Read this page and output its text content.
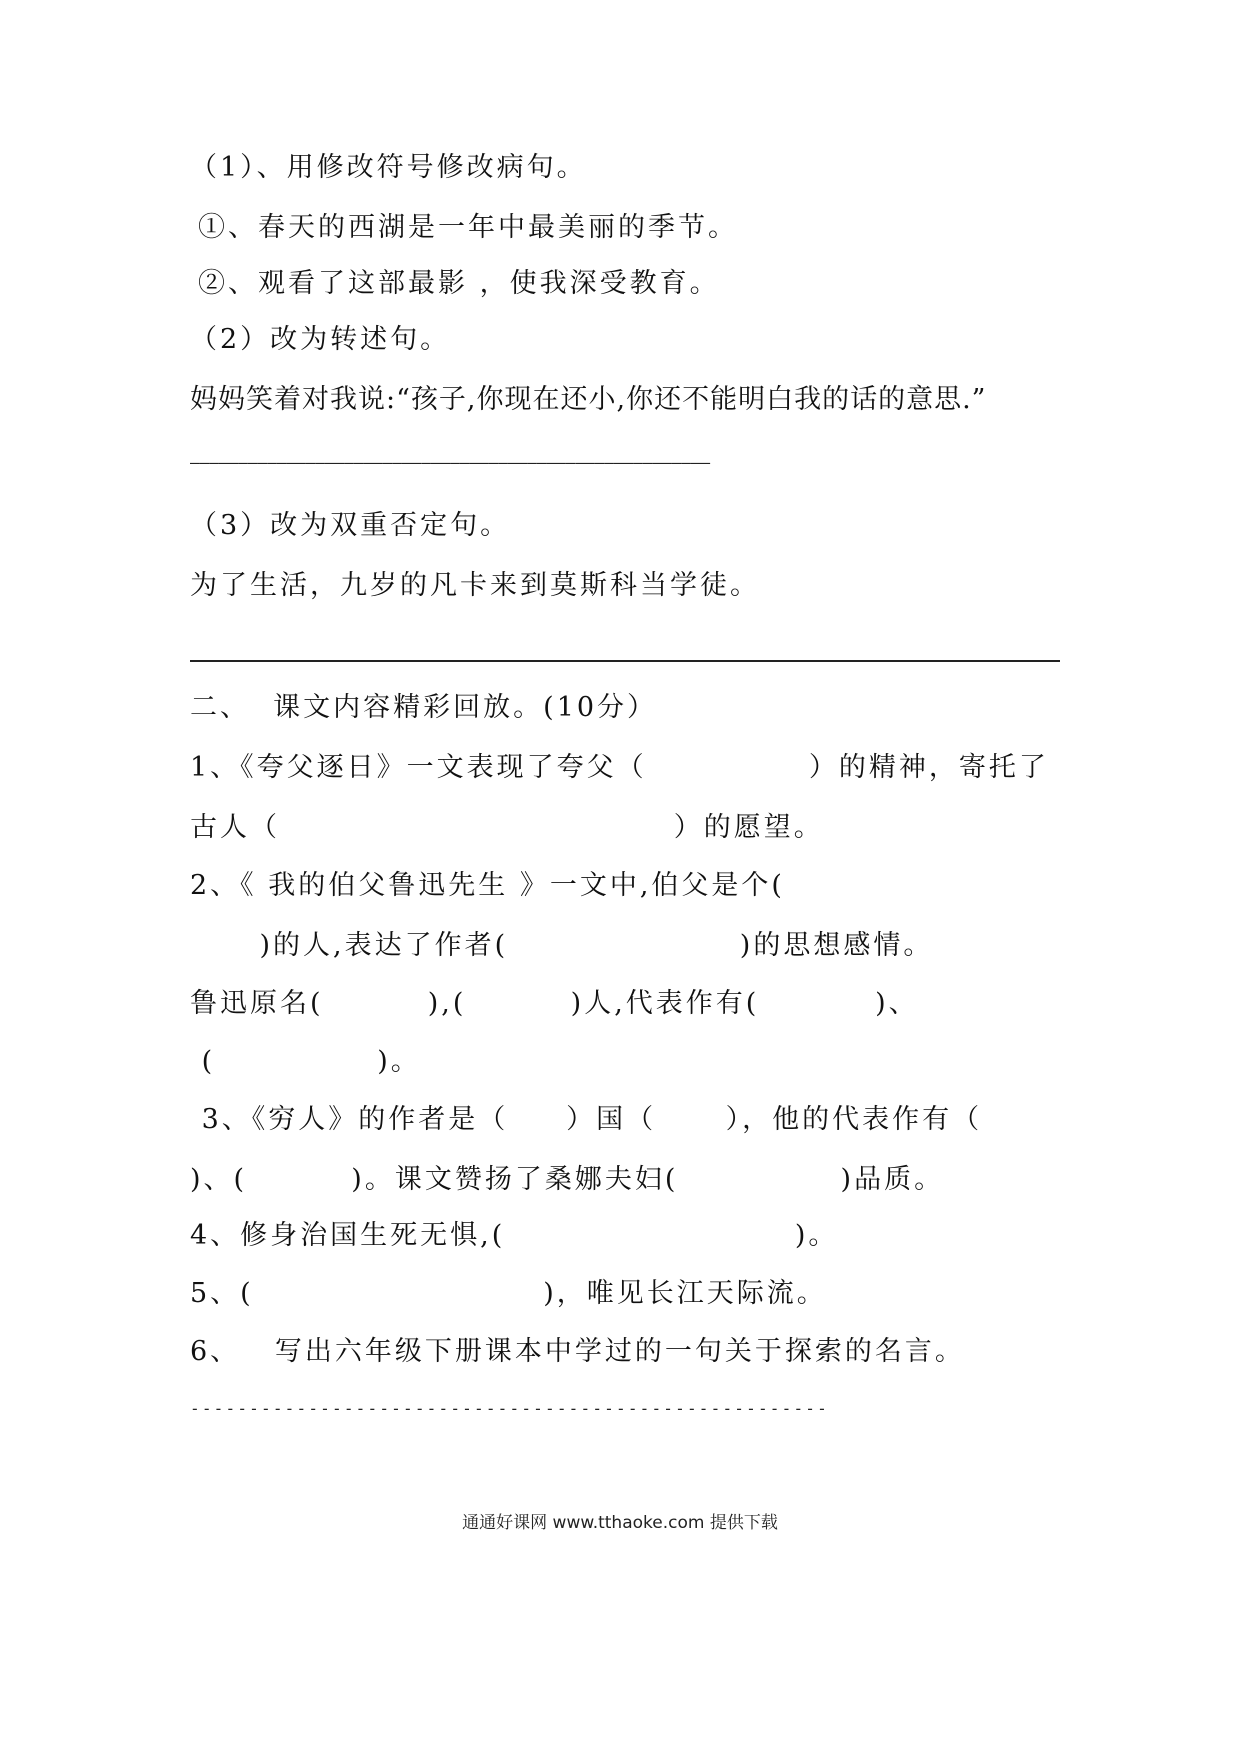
（1）、用修改符号修改病句。
①、春天的西湖是一年中最美丽的季节。
②、观看了这部最影 ，使我深受教育。
（2）改为转述句。
妈妈笑着对我说:“孩子,你现在还小,你还不能明白我的话的意思.”
——————————————————————————————————————————————————————
（3）改为双重否定句。
为了生活，九岁的凡卡来到莫斯科当学徒。
二、  课文内容精彩回放。(10分）
1、《夸父逐日》一文表现了夸父（              ）的精神，寄托了
古人（                                  ）的愿望。
2、《 我的伯父鲁迅先生 》一文中,伯父是个(
)的人,表达了作者(                    )的思想感情。
鲁迅原名(         ),(         )人,代表作有(          )、
(              )。
3、《穷人》的作者是（     ）国（      ），他的代表作有（
)、(         )。课文赞扬了桑娜夫妇(              )品质。
4、修身治国生死无惧,(                         )。
5、(                         )，唯见长江天际流。
6、   写出六年级下册课本中学过的一句关于探索的名言。
------------------------------------------------------
通通好课网 www.tthaoke.com 提供下载
